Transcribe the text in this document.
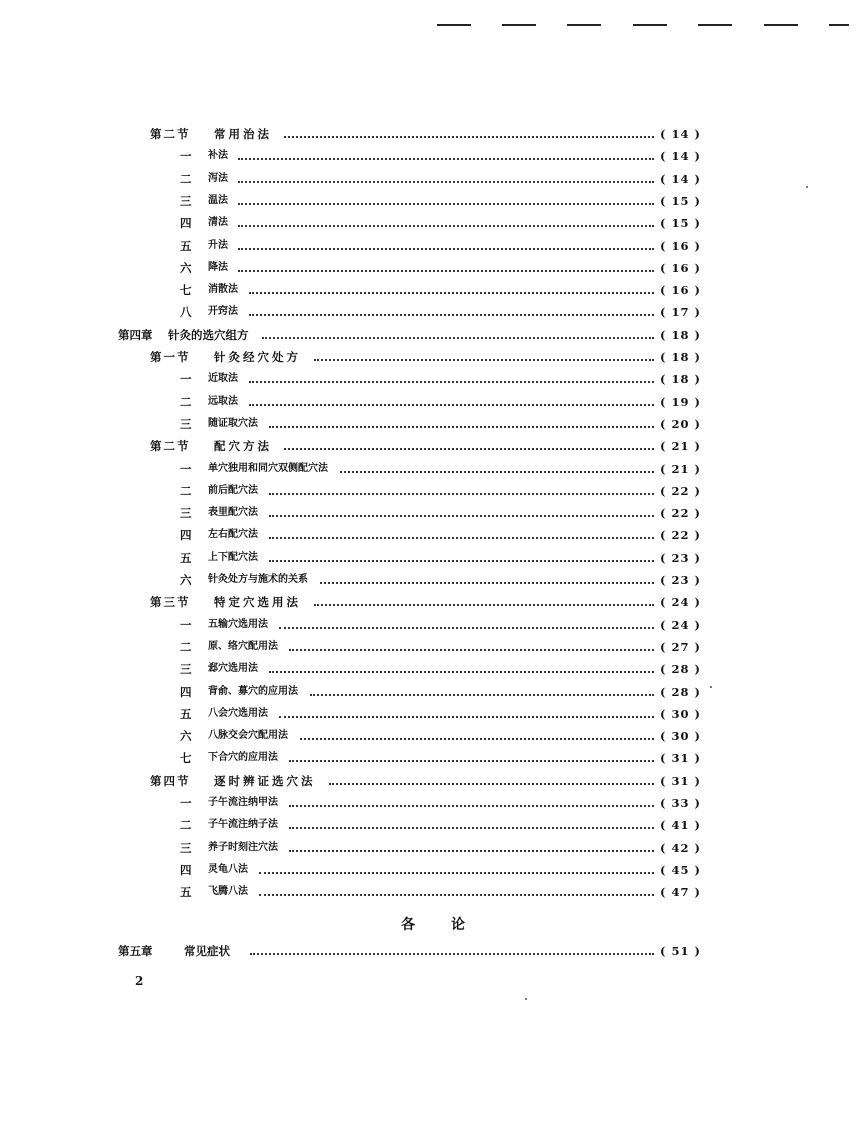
第二节 常用治法	( 14 )
一 补法	( 14 )
二 泻法	( 14 )
三 温法	( 15 )
四 清法	( 15 )
五 升法	( 16 )
六 降法	( 16 )
七 消散法	( 16 )
八 开窍法	( 17 )
第四章 针灸的选穴组方	( 18 )
第一节 针灸经穴处方	( 18 )
一 近取法	( 18 )
二 远取法	( 19 )
三 随证取穴法	( 20 )
第二节 配穴方法	( 21 )
一 单穴独用和同穴双侧配穴法	( 21 )
二 前后配穴法	( 22 )
三 表里配穴法	( 22 )
四 左右配穴法	( 22 )
五 上下配穴法	( 23 )
六 针灸处方与施术的关系	( 23 )
第三节 特定穴选用法	( 24 )
一 五输穴选用法	( 24 )
二 原、络穴配用法	( 27 )
三 郄穴选用法	( 28 )
四 背俞、募穴的应用法	( 28 )
五 八会穴选用法	( 30 )
六 八脉交会穴配用法	( 30 )
七 下合穴的应用法	( 31 )
第四节 逐时辨证选穴法	( 31 )
一 子午流注纳甲法	( 33 )
二 子午流注纳子法	( 41 )
三 养子时刻注穴法	( 42 )
四 灵龟八法	( 45 )
五 飞腾八法	( 47 )
各论
第五章	常见症状	( 51 )
2
